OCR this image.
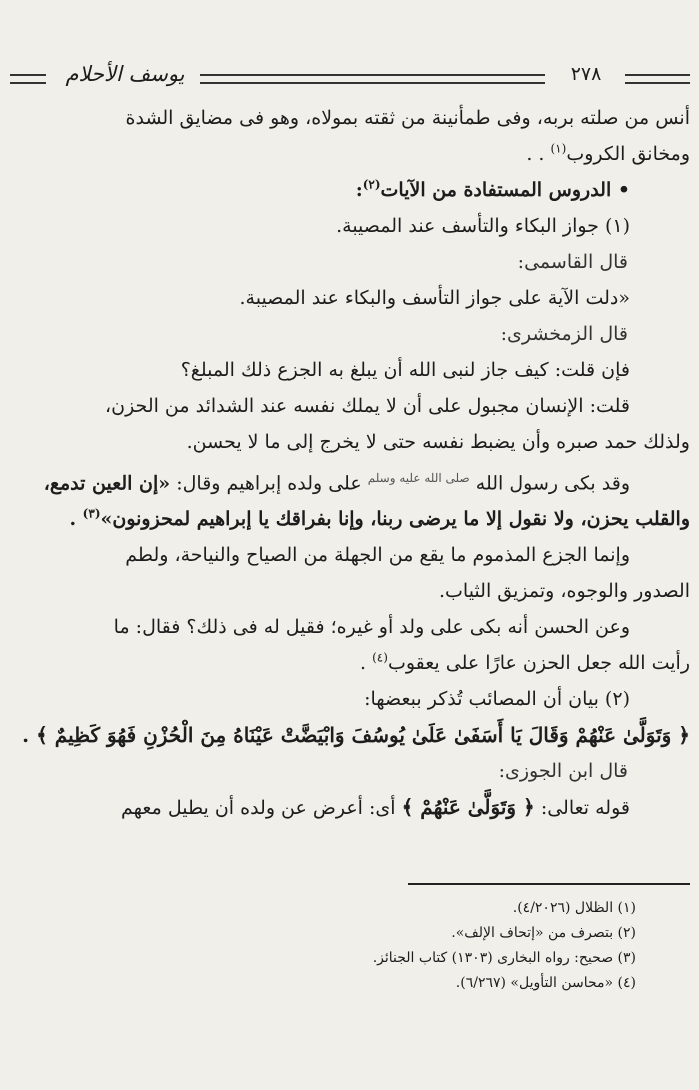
يوسف الأحلام	٢٧٨

أنس من صلته بربه، وفى طمأنينة من ثقته بمولاه، وهو فى مضايق الشدة

ومخانق الكروب$^{(١)}$ . .

• الدروس المستفادة من الآيات$^{(٢)}$:

(١) جواز البكاء والتأسف عند المصيبة.

قال القاسمى:

«دلت الآية على جواز التأسف والبكاء عند المصيبة.

قال الزمخشرى:

فإن قلت: كيف جاز لنبى الله أن يبلغ به الجزع ذلك المبلغ؟

قلت: الإنسان مجبول على أن لا يملك نفسه عند الشدائد من الحزن،

ولذلك حمد صبره وأن يضبط نفسه حتى لا يخرج إلى ما لا يحسن.

وقد بكى رسول الله $^{صلى الله عليه وسلم}$ على ولده إبراهيم وقال: «إن العين تدمع،

والقلب يحزن، ولا نقول إلا ما يرضى ربنا، وإنا بفراقك يا إبراهيم لمحزونون»$^{(٣)}$ .

وإنما الجزع المذموم ما يقع من الجهلة من الصياح والنياحة، ولطم

الصدور والوجوه، وتمزيق الثياب.

وعن الحسن أنه بكى على ولد أو غيره؛ فقيل له فى ذلك؟ فقال: ما

رأيت الله جعل الحزن عارًا على يعقوب$^{(٤)}$ .

(٢) بيان أن المصائب تُذكر ببعضها:

﴿ وَتَوَلَّىٰ عَنْهُمْ وَقَالَ يَا أَسَفَىٰ عَلَىٰ يُوسُفَ وَابْيَضَّتْ عَيْنَاهُ مِنَ الْحُزْنِ فَهُوَ كَظِيمٌ ﴾ .

قال ابن الجوزى:

قوله تعالى: ﴿ وَتَوَلَّىٰ عَنْهُمْ ﴾ أى: أعرض عن ولده أن يطيل معهم

(١) الظلال (٤/٢٠٢٦).

(٢) بتصرف من «إتحاف الإلف».

(٣) صحيح: رواه البخارى (١٣٠٣) كتاب الجنائز.

(٤) «محاسن التأويل» (٦/٢٦٧).
